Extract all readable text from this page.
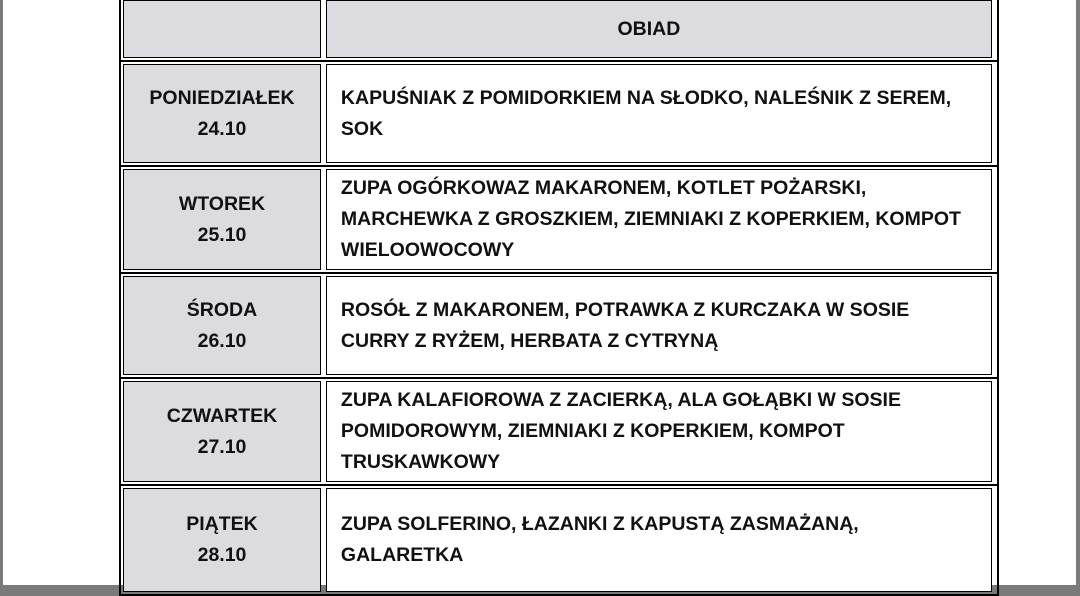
	OBIAD

PONIEDZIAŁEK
24.10	KAPUŚNIAK Z POMIDORKIEM NA SŁODKO, NALEŚNIK Z SEREM, SOK

WTOREK
25.10	ZUPA OGÓRKOWAZ MAKARONEM, KOTLET POŻARSKI, MARCHEWKA Z GROSZKIEM, ZIEMNIAKI Z KOPERKIEM, KOMPOT WIELOOWOCOWY

ŚRODA
26.10	ROSÓŁ Z MAKARONEM, POTRAWKA Z KURCZAKA W SOSIE CURRY Z RYŻEM, HERBATA Z CYTRYNĄ

CZWARTEK
27.10	ZUPA KALAFIOROWA Z ZACIERKĄ, ALA GOŁĄBKI W SOSIE POMIDOROWYM, ZIEMNIAKI Z KOPERKIEM, KOMPOT TRUSKAWKOWY

PIĄTEK
28.10	ZUPA SOLFERINO, ŁAZANKI Z KAPUSTĄ ZASMAŻANĄ, GALARETKA
